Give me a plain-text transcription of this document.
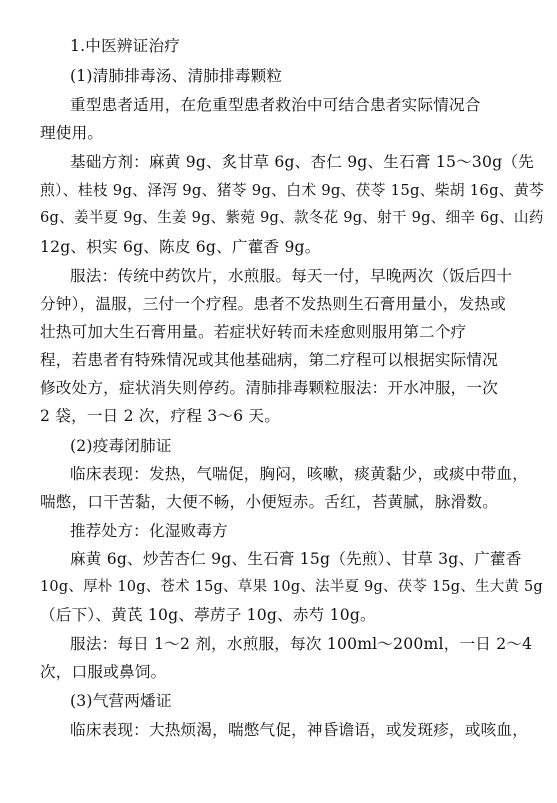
1.中医辨证治疗
(1)清肺排毒汤、清肺排毒颗粒
重型患者适用，在危重型患者救治中可结合患者实际情况合
理使用。
基础方剂：麻黄 9g、炙甘草 6g、杏仁 9g、生石膏 15～30g（先
煎）、桂枝 9g、泽泻 9g、猪苓 9g、白术 9g、茯苓 15g、柴胡 16g、黄芩
6g、姜半夏 9g、生姜 9g、紫菀 9g、款冬花 9g、射干 9g、细辛 6g、山药
12g、枳实 6g、陈皮 6g、广藿香 9g。
服法：传统中药饮片，水煎服。每天一付，早晚两次（饭后四十
分钟），温服，三付一个疗程。患者不发热则生石膏用量小，发热或
壮热可加大生石膏用量。若症状好转而未痊愈则服用第二个疗
程，若患者有特殊情况或其他基础病，第二疗程可以根据实际情况
修改处方，症状消失则停药。清肺排毒颗粒服法：开水冲服，一次
2 袋，一日 2 次，疗程 3～6 天。
(2)疫毒闭肺证
临床表现：发热，气喘促，胸闷，咳嗽，痰黄黏少，或痰中带血，
喘憋，口干苦黏，大便不畅，小便短赤。舌红，苔黄腻，脉滑数。
推荐处方：化湿败毒方
麻黄 6g、炒苦杏仁 9g、生石膏 15g（先煎）、甘草 3g、广藿香
10g、厚朴 10g、苍术 15g、草果 10g、法半夏 9g、茯苓 15g、生大黄 5g
（后下）、黄芪 10g、葶苈子 10g、赤芍 10g。
服法：每日 1～2 剂，水煎服，每次 100ml～200ml，一日 2～4
次，口服或鼻饲。
(3)气营两燔证
临床表现：大热烦渴，喘憋气促，神昏谵语，或发斑疹，或咳血，
